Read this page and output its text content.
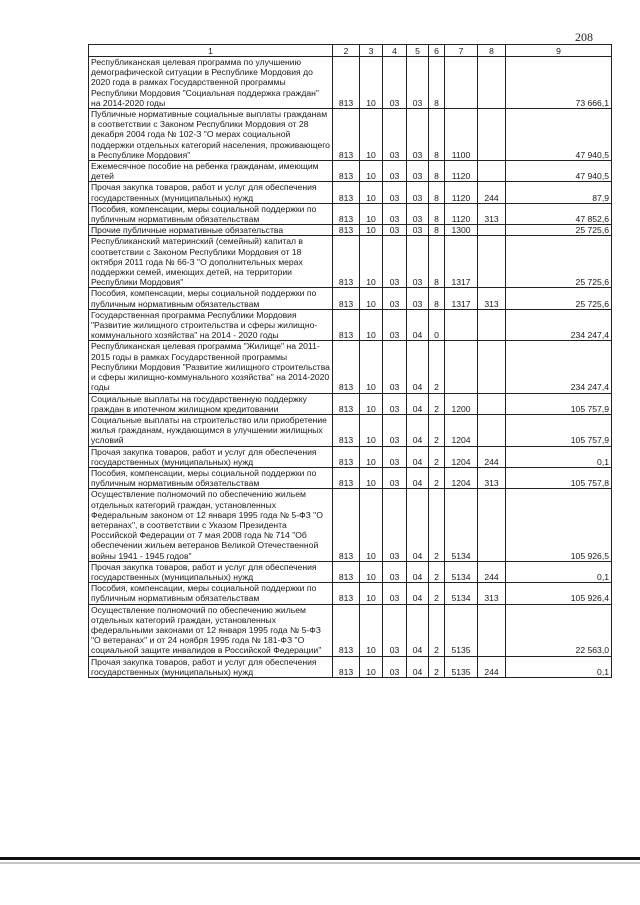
208
1	2	3	4	5	6	7	8	9
Республиканская целевая программа по улучшению демографической ситуации в Республике Мордовия до 2020 года в рамках Государственной программы Республики Мордовия "Социальная поддержка граждан" на 2014-2020 годы	813	10	03	03	8			73 666,1
Публичные нормативные социальные выплаты гражданам в соответствии с Законом Республики Мордовия от 28 декабря 2004 года № 102-З "О мерах социальной поддержки отдельных категорий населения, проживающего в Республике Мордовия"	813	10	03	03	8	1100		47 940,5
Ежемесячное пособие на ребенка гражданам, имеющим детей	813	10	03	03	8	1120		47 940,5
Прочая закупка товаров, работ и услуг для обеспечения государственных (муниципальных) нужд	813	10	03	03	8	1120	244	87,9
Пособия, компенсации, меры социальной поддержки по публичным нормативным обязательствам	813	10	03	03	8	1120	313	47 852,6
Прочие публичные нормативные обязательства	813	10	03	03	8	1300		25 725,6
Республиканский материнский (семейный) капитал в соответствии с Законом Республики Мордовия от 18 октября 2011 года № 66-З "О дополнительных мерах поддержки семей, имеющих детей, на территории Республики Мордовия"	813	10	03	03	8	1317		25 725,6
Пособия, компенсации, меры социальной поддержки по публичным нормативным обязательствам	813	10	03	03	8	1317	313	25 725,6
Государственная программа Республики Мордовия "Развитие жилищного строительства и сферы жилищно-коммунального хозяйства" на 2014 - 2020 годы	813	10	03	04	0			234 247,4
Республиканская целевая программа "Жилище" на 2011-2015 годы в рамках Государственной программы Республики Мордовия "Развитие жилищного строительства и сферы жилищно-коммунального хозяйства" на 2014-2020 годы	813	10	03	04	2			234 247,4
Социальные выплаты на государственную поддержку граждан в ипотечном жилищном кредитовании	813	10	03	04	2	1200		105 757,9
Социальные выплаты на строительство или приобретение жилья гражданам, нуждающимся в улучшении жилищных условий	813	10	03	04	2	1204		105 757,9
Прочая закупка товаров, работ и услуг для обеспечения государственных (муниципальных) нужд	813	10	03	04	2	1204	244	0,1
Пособия, компенсации, меры социальной поддержки по публичным нормативным обязательствам	813	10	03	04	2	1204	313	105 757,8
Осуществление полномочий по обеспечению жильем отдельных категорий граждан, установленных Федеральным законом от 12 января 1995 года № 5-ФЗ "О ветеранах", в соответствии с Указом Президента Российской Федерации от 7 мая 2008 года № 714 "Об обеспечении жильем ветеранов Великой Отечественной войны 1941 - 1945 годов"	813	10	03	04	2	5134		105 926,5
Прочая закупка товаров, работ и услуг для обеспечения государственных (муниципальных) нужд	813	10	03	04	2	5134	244	0,1
Пособия, компенсации, меры социальной поддержки по публичным нормативным обязательствам	813	10	03	04	2	5134	313	105 926,4
Осуществление полномочий по обеспечению жильем отдельных категорий граждан, установленных федеральными законами от 12 января 1995 года № 5-ФЗ "О ветеранах" и от 24 ноября 1995 года № 181-ФЗ "О социальной защите инвалидов в Российской Федерации"	813	10	03	04	2	5135		22 563,0
Прочая закупка товаров, работ и услуг для обеспечения государственных (муниципальных) нужд	813	10	03	04	2	5135	244	0,1
